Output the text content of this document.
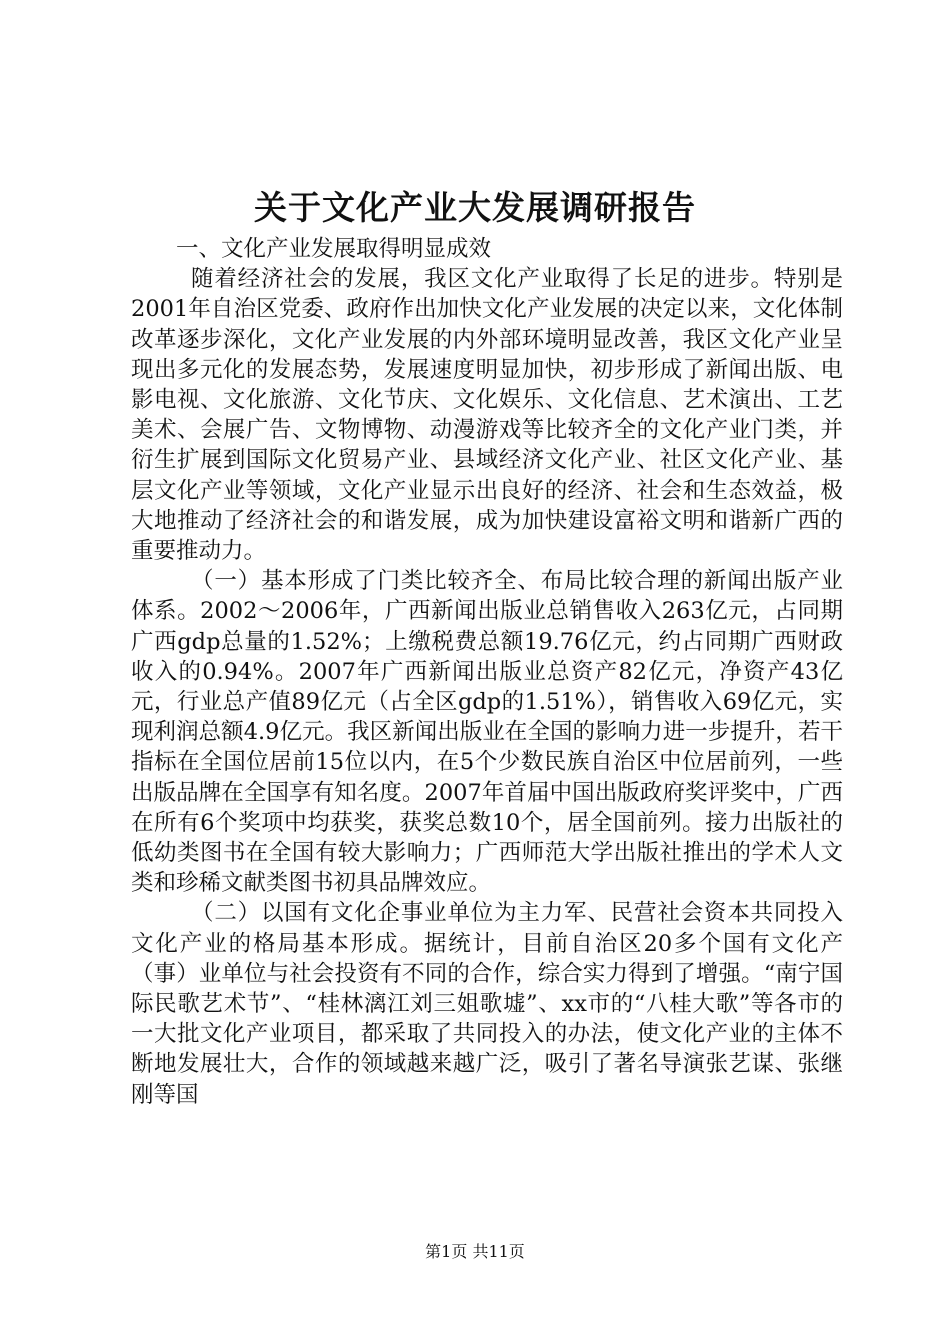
关于文化产业大发展调研报告

一、文化产业发展取得明显成效

随着经济社会的发展，我区文化产业取得了长足的进步。特别是2001年自治区党委、政府作出加快文化产业发展的决定以来，文化体制改革逐步深化，文化产业发展的内外部环境明显改善，我区文化产业呈现出多元化的发展态势，发展速度明显加快，初步形成了新闻出版、电影电视、文化旅游、文化节庆、文化娱乐、文化信息、艺术演出、工艺美术、会展广告、文物博物、动漫游戏等比较齐全的文化产业门类，并衍生扩展到国际文化贸易产业、县域经济文化产业、社区文化产业、基层文化产业等领域，文化产业显示出良好的经济、社会和生态效益，极大地推动了经济社会的和谐发展，成为加快建设富裕文明和谐新广西的重要推动力。

（一）基本形成了门类比较齐全、布局比较合理的新闻出版产业体系。2002～2006年，广西新闻出版业总销售收入263亿元，占同期广西gdp总量的1.52%；上缴税费总额19.76亿元，约占同期广西财政收入的0.94%。2007年广西新闻出版业总资产82亿元，净资产43亿元，行业总产值89亿元（占全区gdp的1.51%），销售收入69亿元，实现利润总额4.9亿元。我区新闻出版业在全国的影响力进一步提升，若干指标在全国位居前15位以内，在5个少数民族自治区中位居前列，一些出版品牌在全国享有知名度。2007年首届中国出版政府奖评奖中，广西在所有6个奖项中均获奖，获奖总数10个，居全国前列。接力出版社的低幼类图书在全国有较大影响力；广西师范大学出版社推出的学术人文类和珍稀文献类图书初具品牌效应。

（二）以国有文化企事业单位为主力军、民营社会资本共同投入文化产业的格局基本形成。据统计，目前自治区20多个国有文化产（事）业单位与社会投资有不同的合作，综合实力得到了增强。“南宁国际民歌艺术节”、“桂林漓江刘三姐歌墟”、xx市的“八桂大歌”等各市的一大批文化产业项目，都采取了共同投入的办法，使文化产业的主体不断地发展壮大，合作的领域越来越广泛，吸引了著名导演张艺谋、张继刚等国

第1页 共11页
